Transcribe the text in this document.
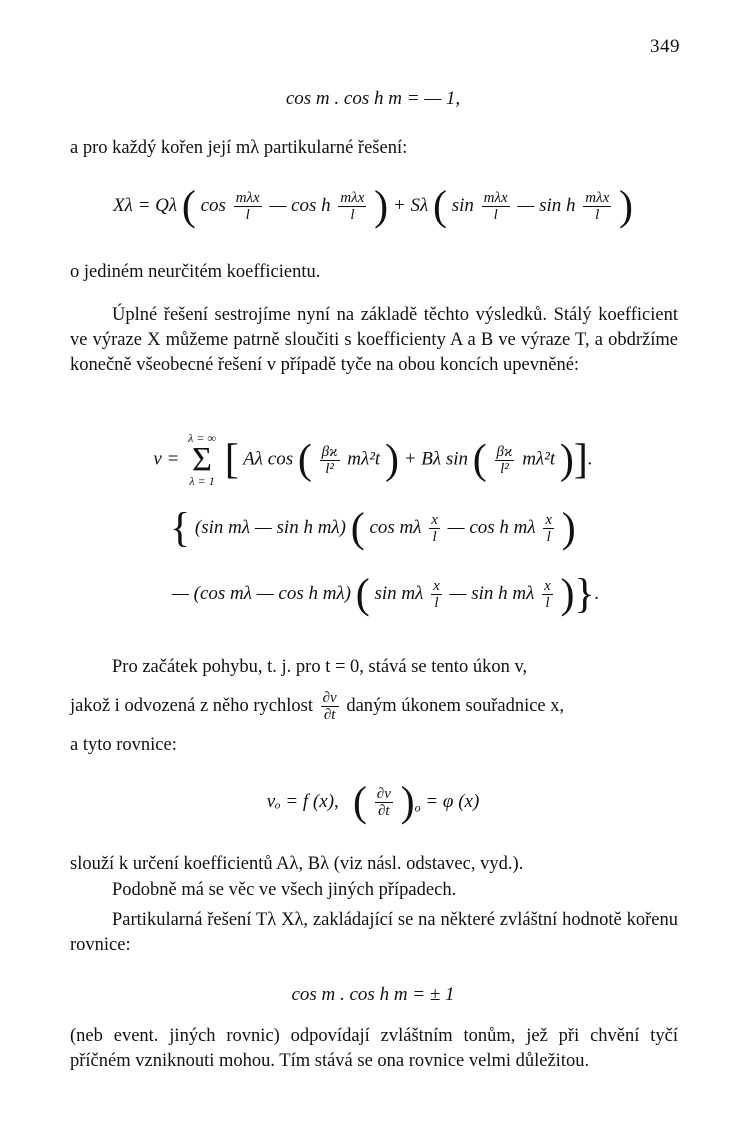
349
cos m . cos h m = — 1,
a pro každý kořen její mλ partikularné řešení:
Xλ = Qλ ( $\cos \frac{\text{mλx}}{l}$ — cos h $\frac{\text{mλx}}{l}$ ) + Sλ ( $\sin \frac{\text{mλx}}{l}$ — sin h $\frac{\text{mλx}}{l}$ )
o jediném neurčitém koefficientu.
Úplné řešení sestrojíme nyní na základě těchto výsledků. Stálý koefficient ve výraze X můžeme patrně sloučiti s koefficienty A a B ve výraze T, a obdržíme konečně všeobecné řešení v případě tyče na obou koncích upevněné:
v =
λ = ∞
Σ
λ = 1 [ Aλ cos ( $\frac{\beta ϰ}{\text{l²}} m\lambda^2t$ ) + Bλ sin ( $\frac{\beta ϰ}{\text{l²}} m\lambda^2t$ )].
{ (sin mλ — sin h mλ) ( cos mλ $\frac{x}{l}$ — cos h mλ $\frac{x}{l}$ )
— (cos mλ — cos h mλ) ( sin mλ $\frac{x}{l}$ — sin h mλ $\frac{x}{l}$ )}.
Pro začátek pohybu, t. j. pro t = 0, stává se tento úkon v,
jakož i odvozená z něho rychlost $\frac{\partial v}{\partial t}$ daným úkonem souřadnice x,
a tyto rovnice:
vₒ = f (x), ( $\frac{\partial v}{\partial t} )_o = \varphi$ (x)
slouží k určení koefficientů Aλ, Bλ (viz násl. odstavec, vyd.).
Podobně má se věc ve všech jiných případech.
Partikularná řešení Tλ Xλ, zakládající se na některé zvláštní hodnotě kořenu rovnice:
cos m . cos h m = ± 1
(neb event. jiných rovnic) odpovídají zvláštním tonům, jež při chvění tyčí příčném vzniknouti mohou. Tím stává se ona rovnice velmi důležitou.
